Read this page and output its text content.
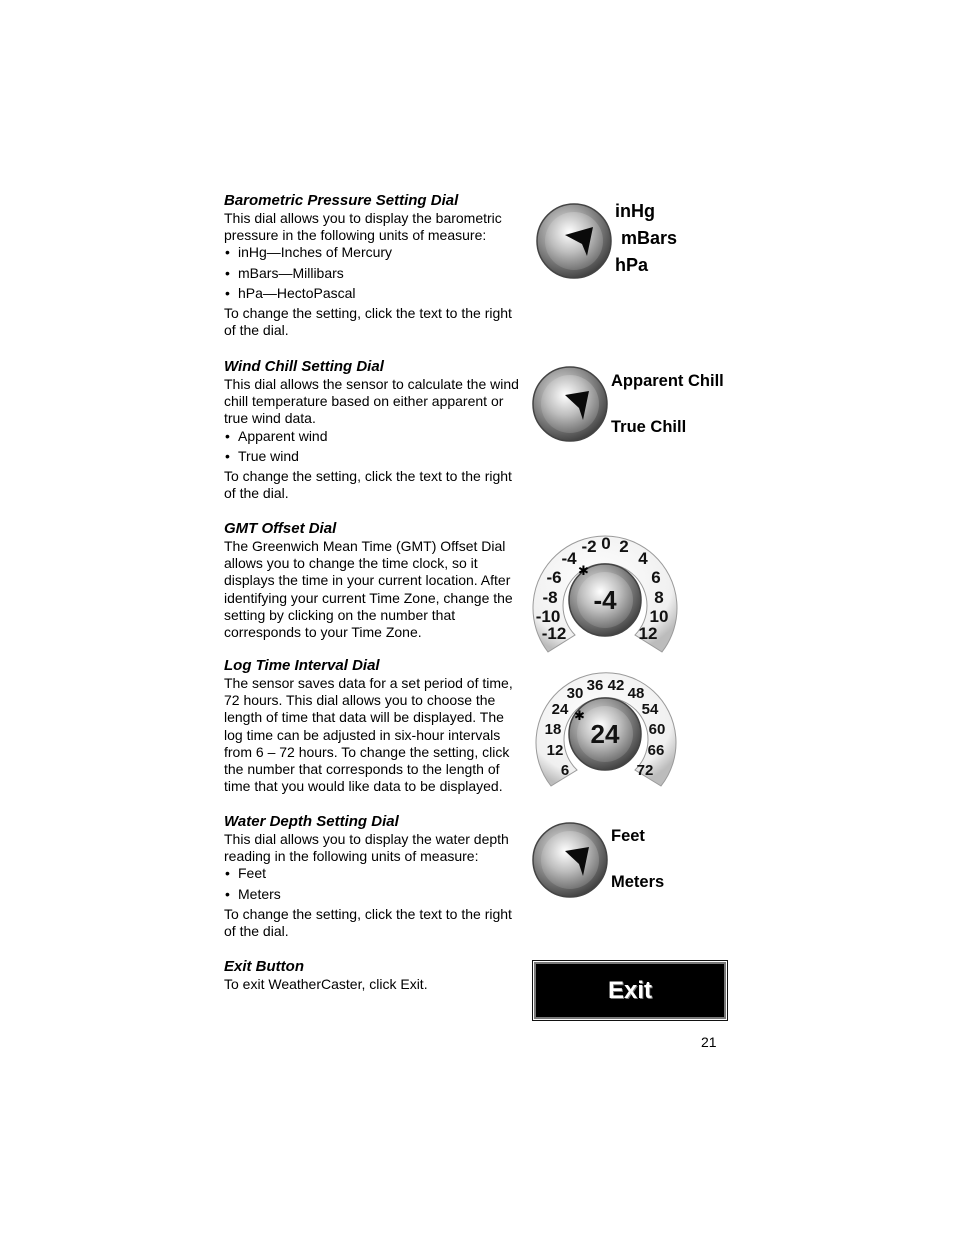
Barometric Pressure Setting Dial

This dial allows you to display the barometric pressure in the following units of measure:

• inHg—Inches of Mercury
• mBars—Millibars
• hPa—HectoPascal

To change the setting, click the text to the right of the dial.

inHg
mBars
hPa
Wind Chill Setting Dial

This dial allows the sensor to calculate the wind chill temperature based on either apparent or true wind data.

• Apparent wind
• True wind

To change the setting, click the text to the right of the dial.

Apparent Chill
True Chill
GMT Offset Dial

The Greenwich Mean Time (GMT) Offset Dial allows you to change the time clock, so it displays the time in your current location. After identifying your current Time Zone, change the setting by clicking on the number that corresponds to your Time Zone.	-12
-10
-8
-6
-4
-2 0 2
4
6
8
10
12
✱
-4
Log Time Interval Dial

The sensor saves data for a set period of time, 72 hours. This dial allows you to choose the length of time that data will be displayed. The log time can be adjusted in six-hour intervals from 6 – 72 hours. To change the setting, click the number that corresponds to the length of time that you would like data to be displayed.

6
12
18
24
30 36 42 48
54
60
66
72
✱
24
Water Depth Setting Dial

This dial allows you to display the water depth reading in the following units of measure:

• Feet
• Meters

To change the setting, click the text to the right of the dial.

Feet
Meters
Exit Button

To exit WeatherCaster, click Exit.	Exit
21
